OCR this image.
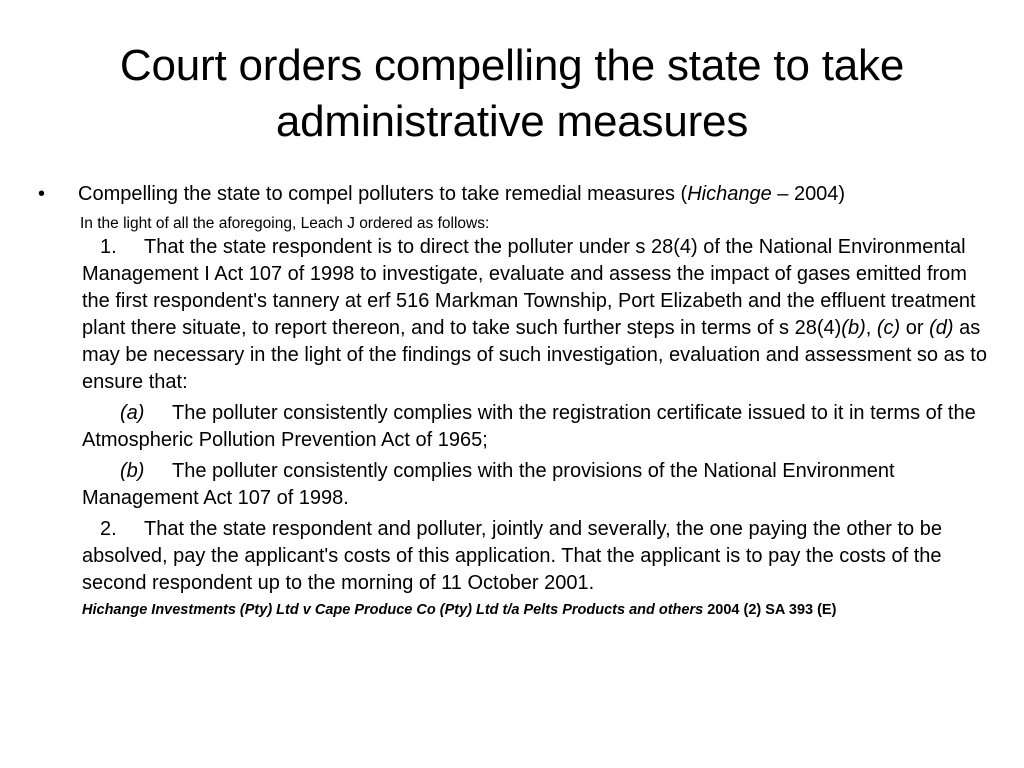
Court orders compelling the state to take administrative measures
• Compelling the state to compel polluters to take remedial measures (Hichange – 2004)
In the light of all the aforegoing, Leach J ordered as follows:
1. That the state respondent is to direct the polluter under s 28(4) of the National Environmental Management I Act 107 of 1998 to investigate, evaluate and assess the impact of gases emitted from the first respondent's tannery at erf 516 Markman Township, Port Elizabeth and the effluent treatment plant there situate, to report thereon, and to take such further steps in terms of s 28(4)(b), (c) or (d) as may be necessary in the light of the findings of such investigation, evaluation and assessment so as to ensure that:
(a) The polluter consistently complies with the registration certificate issued to it in terms of the Atmospheric Pollution Prevention Act of 1965;
(b) The polluter consistently complies with the provisions of the National Environment Management Act 107 of 1998.
2. That the state respondent and polluter, jointly and severally, the one paying the other to be absolved, pay the applicant's costs of this application. That the applicant is to pay the costs of the second respondent up to the morning of 11 October 2001.
Hichange Investments (Pty) Ltd v Cape Produce Co (Pty) Ltd t/a Pelts Products and others 2004 (2) SA 393 (E)
